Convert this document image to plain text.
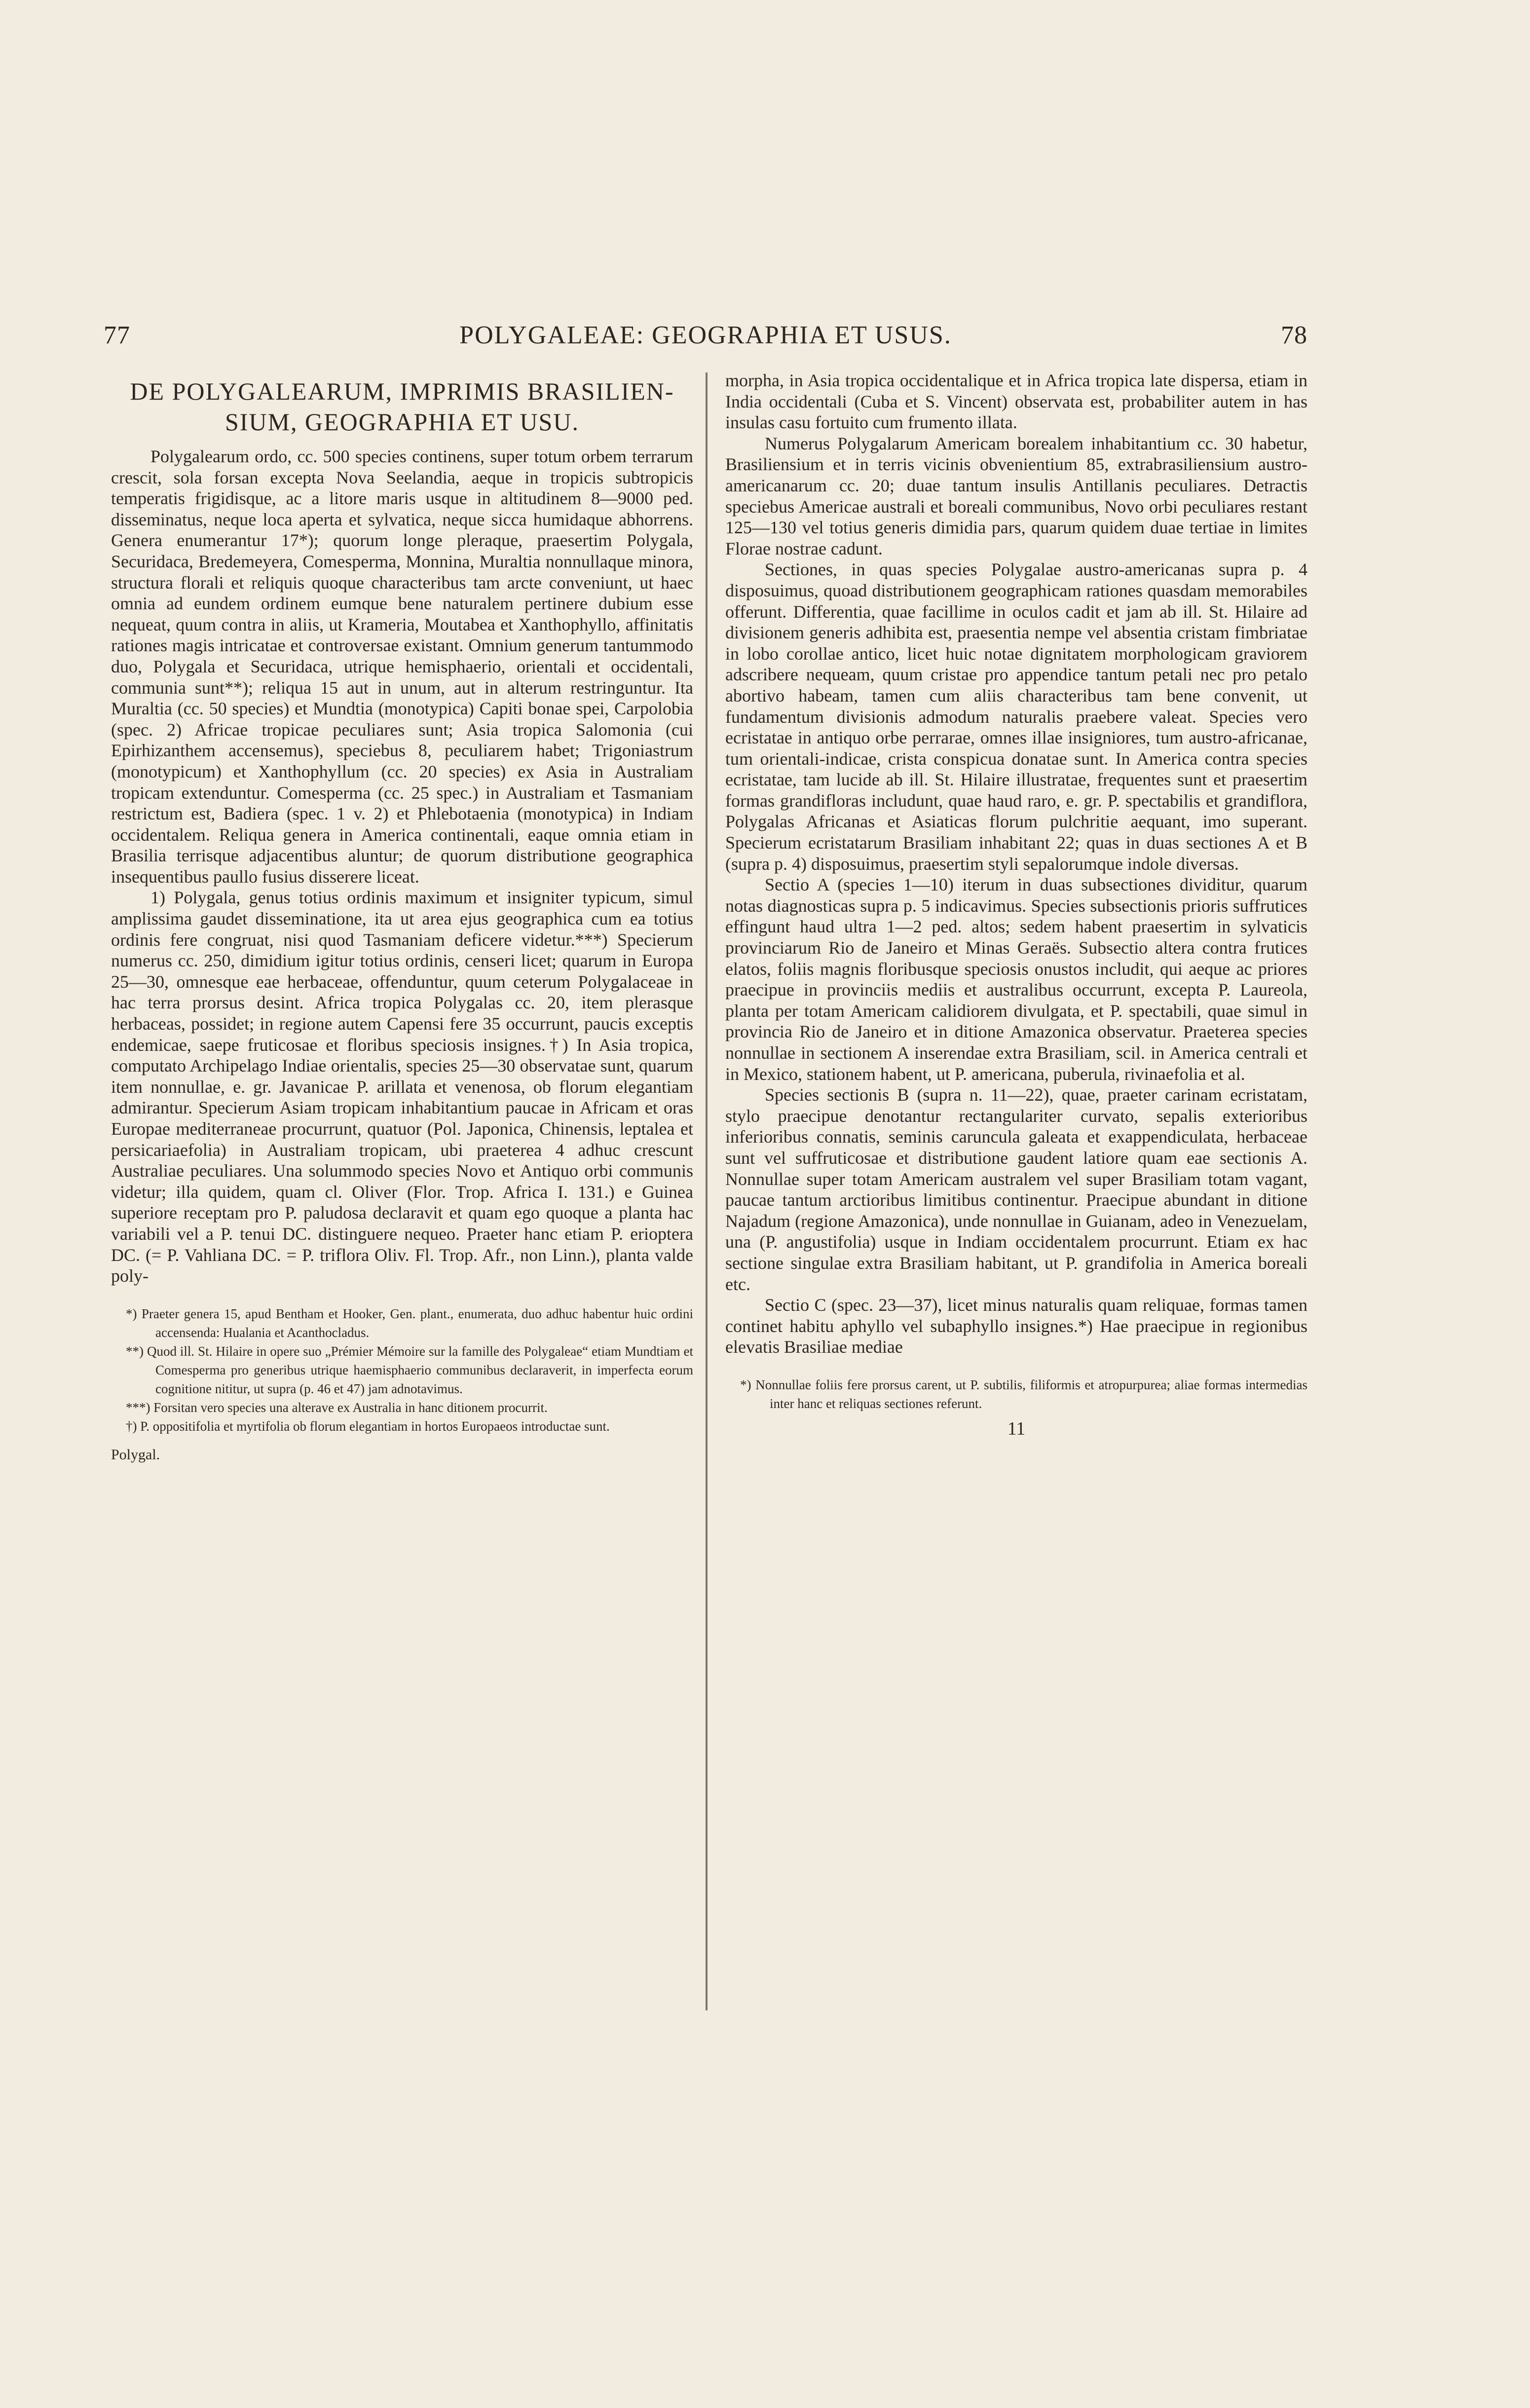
77	POLYGALEAE: GEOGRAPHIA ET USUS.	78
DE POLYGALEARUM, IMPRIMIS BRASILIEN-
SIUM, GEOGRAPHIA ET USU.

Polygalearum ordo, cc. 500 species continens, super totum orbem terrarum crescit, sola forsan excepta Nova Seelandia, aeque in tropicis subtropicis temperatis frigidisque, ac a litore maris usque in altitudinem 8—9000 ped. disseminatus, neque loca aperta et sylvatica, neque sicca humidaque abhorrens. Genera enumerantur 17*); quorum longe pleraque, praesertim Polygala, Securidaca, Bredemeyera, Comesperma, Monnina, Muraltia nonnullaque minora, structura florali et reliquis quoque characteribus tam arcte conveniunt, ut haec omnia ad eundem ordinem eumque bene naturalem pertinere dubium esse nequeat, quum contra in aliis, ut Krameria, Moutabea et Xanthophyllo, affinitatis rationes magis intricatae et controversae existant. Omnium generum tantummodo duo, Polygala et Securidaca, utrique hemisphaerio, orientali et occidentali, communia sunt**); reliqua 15 aut in unum, aut in alterum restringuntur. Ita Muraltia (cc. 50 species) et Mundtia (monotypica) Capiti bonae spei, Carpolobia (spec. 2) Africae tropicae peculiares sunt; Asia tropica Salomonia (cui Epirhizanthem accensemus), speciebus 8, peculiarem habet; Trigoniastrum (monotypicum) et Xanthophyllum (cc. 20 species) ex Asia in Australiam tropicam extenduntur. Comesperma (cc. 25 spec.) in Australiam et Tasmaniam restrictum est, Badiera (spec. 1 v. 2) et Phlebotaenia (monotypica) in Indiam occidentalem. Reliqua genera in America continentali, eaque omnia etiam in Brasilia terrisque adjacentibus aluntur; de quorum distributione geographica insequentibus paullo fusius disserere liceat.

1) Polygala, genus totius ordinis maximum et insigniter typicum, simul amplissima gaudet disseminatione, ita ut area ejus geographica cum ea totius ordinis fere congruat, nisi quod Tasmaniam deficere videtur.***) Specierum numerus cc. 250, dimidium igitur totius ordinis, censeri licet; quarum in Europa 25—30, omnesque eae herbaceae, offenduntur, quum ceterum Polygalaceae in hac terra prorsus desint. Africa tropica Polygalas cc. 20, item plerasque herbaceas, possidet; in regione autem Capensi fere 35 occurrunt, paucis exceptis endemicae, saepe fruticosae et floribus speciosis insignes.†) In Asia tropica, computato Archipelago Indiae orientalis, species 25—30 observatae sunt, quarum item nonnullae, e. gr. Javanicae P. arillata et venenosa, ob florum elegantiam admirantur. Specierum Asiam tropicam inhabitantium paucae in Africam et oras Europae mediterraneae procurrunt, quatuor (Pol. Japonica, Chinensis, leptalea et persicariaefolia) in Australiam tropicam, ubi praeterea 4 adhuc crescunt Australiae peculiares. Una solummodo species Novo et Antiquo orbi communis videtur; illa quidem, quam cl. Oliver (Flor. Trop. Africa I. 131.) e Guinea superiore receptam pro P. paludosa declaravit et quam ego quoque a planta hac variabili vel a P. tenui DC. distinguere nequeo. Praeter hanc etiam P. erioptera DC. (= P. Vahliana DC. = P. triflora Oliv. Fl. Trop. Afr., non Linn.), planta valde poly-

*) Praeter genera 15, apud Bentham et Hooker, Gen. plant., enumerata, duo adhuc habentur huic ordini accensenda: Hualania et Acanthocladus.

**) Quod ill. St. Hilaire in opere suo „Prémier Mémoire sur la famille des Polygaleae“ etiam Mundtiam et Comesperma pro generibus utrique haemisphaerio communibus declaraverit, in imperfecta eorum cognitione nititur, ut supra (p. 46 et 47) jam adnotavimus.

***) Forsitan vero species una alterave ex Australia in hanc ditionem procurrit.

†) P. oppositifolia et myrtifolia ob florum elegantiam in hortos Europaeos introductae sunt.

Polygal.

morpha, in Asia tropica occidentalique et in Africa tropica late dispersa, etiam in India occidentali (Cuba et S. Vincent) observata est, probabiliter autem in has insulas casu fortuito cum frumento illata.

Numerus Polygalarum Americam borealem inhabitantium cc. 30 habetur, Brasiliensium et in terris vicinis obvenientium 85, extrabrasiliensium austro-americanarum cc. 20; duae tantum insulis Antillanis peculiares. Detractis speciebus Americae australi et boreali communibus, Novo orbi peculiares restant 125—130 vel totius generis dimidia pars, quarum quidem duae tertiae in limites Florae nostrae cadunt.

Sectiones, in quas species Polygalae austro-americanas supra p. 4 disposuimus, quoad distributionem geographicam rationes quasdam memorabiles offerunt. Differentia, quae facillime in oculos cadit et jam ab ill. St. Hilaire ad divisionem generis adhibita est, praesentia nempe vel absentia cristam fimbriatae in lobo corollae antico, licet huic notae dignitatem morphologicam graviorem adscribere nequeam, quum cristae pro appendice tantum petali nec pro petalo abortivo habeam, tamen cum aliis characteribus tam bene convenit, ut fundamentum divisionis admodum naturalis praebere valeat. Species vero ecristatae in antiquo orbe perrarae, omnes illae insigniores, tum austro-africanae, tum orientali-indicae, crista conspicua donatae sunt. In America contra species ecristatae, tam lucide ab ill. St. Hilaire illustratae, frequentes sunt et praesertim formas grandifloras includunt, quae haud raro, e. gr. P. spectabilis et grandiflora, Polygalas Africanas et Asiaticas florum pulchritie aequant, imo superant. Specierum ecristatarum Brasiliam inhabitant 22; quas in duas sectiones A et B (supra p. 4) disposuimus, praesertim styli sepalorumque indole diversas.

Sectio A (species 1—10) iterum in duas subsectiones dividitur, quarum notas diagnosticas supra p. 5 indicavimus. Species subsectionis prioris suffrutices effingunt haud ultra 1—2 ped. altos; sedem habent praesertim in sylvaticis provinciarum Rio de Janeiro et Minas Geraës. Subsectio altera contra frutices elatos, foliis magnis floribusque speciosis onustos includit, qui aeque ac priores praecipue in provinciis mediis et australibus occurrunt, excepta P. Laureola, planta per totam Americam calidiorem divulgata, et P. spectabili, quae simul in provincia Rio de Janeiro et in ditione Amazonica observatur. Praeterea species nonnullae in sectionem A inserendae extra Brasiliam, scil. in America centrali et in Mexico, stationem habent, ut P. americana, puberula, rivinaefolia et al.

Species sectionis B (supra n. 11—22), quae, praeter carinam ecristatam, stylo praecipue denotantur rectangulariter curvato, sepalis exterioribus inferioribus connatis, seminis caruncula galeata et exappendiculata, herbaceae sunt vel suffruticosae et distributione gaudent latiore quam eae sectionis A. Nonnullae super totam Americam australem vel super Brasiliam totam vagant, paucae tantum arctioribus limitibus continentur. Praecipue abundant in ditione Najadum (regione Amazonica), unde nonnullae in Guianam, adeo in Venezuelam, una (P. angustifolia) usque in Indiam occidentalem procurrunt. Etiam ex hac sectione singulae extra Brasiliam habitant, ut P. grandifolia in America boreali etc.

Sectio C (spec. 23—37), licet minus naturalis quam reliquae, formas tamen continet habitu aphyllo vel subaphyllo insignes.*) Hae praecipue in regionibus elevatis Brasiliae mediae

*) Nonnullae foliis fere prorsus carent, ut P. subtilis, filiformis et atropurpurea; aliae formas intermedias inter hanc et reliquas sectiones referunt.

11
